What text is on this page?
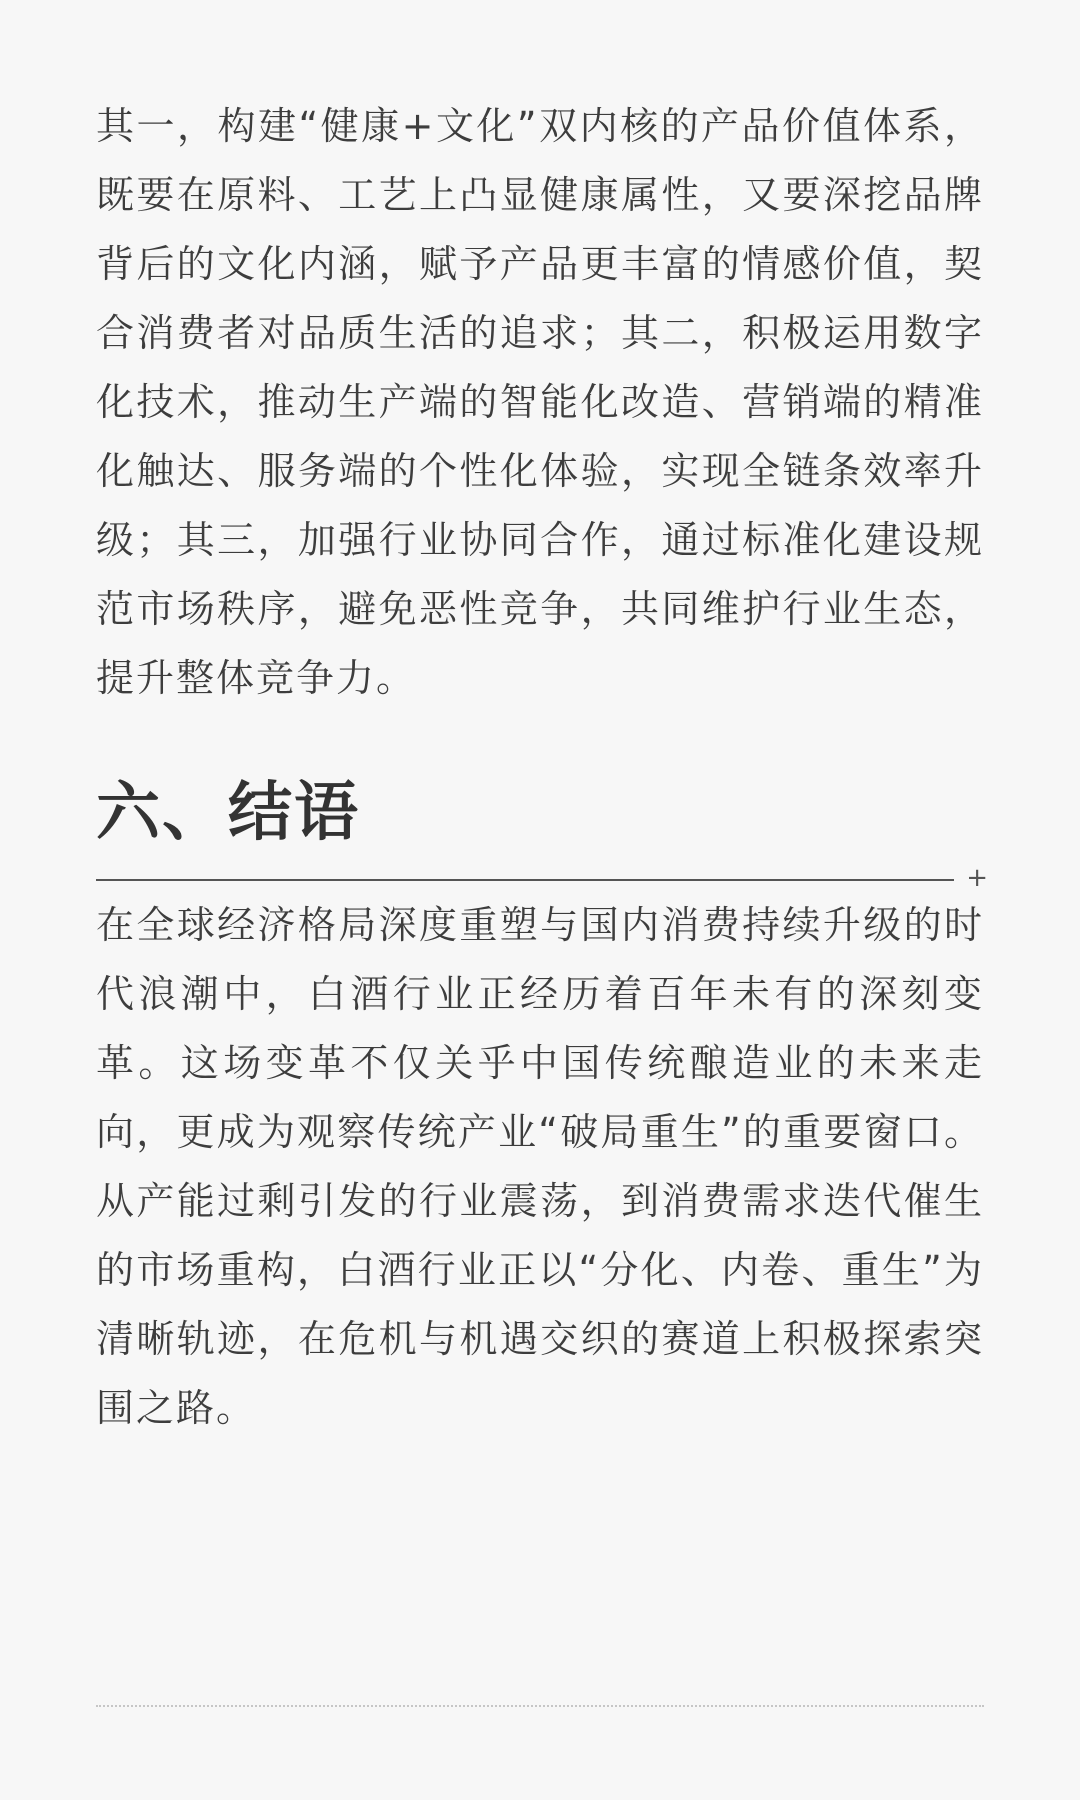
其一，构建“健康+文化”双内核的产品价值体系，既要在原料、工艺上凸显健康属性，又要深挖品牌背后的文化内涵，赋予产品更丰富的情感价值，契合消费者对品质生活的追求；其二，积极运用数字化技术，推动生产端的智能化改造、营销端的精准化触达、服务端的个性化体验，实现全链条效率升级；其三，加强行业协同合作，通过标准化建设规范市场秩序，避免恶性竞争，共同维护行业生态，提升整体竞争力。

六、结语
+

在全球经济格局深度重塑与国内消费持续升级的时代浪潮中，白酒行业正经历着百年未有的深刻变革。这场变革不仅关乎中国传统酿造业的未来走向，更成为观察传统产业“破局重生”的重要窗口。从产能过剩引发的行业震荡，到消费需求迭代催生的市场重构，白酒行业正以“分化、内卷、重生”为清晰轨迹，在危机与机遇交织的赛道上积极探索突围之路。
